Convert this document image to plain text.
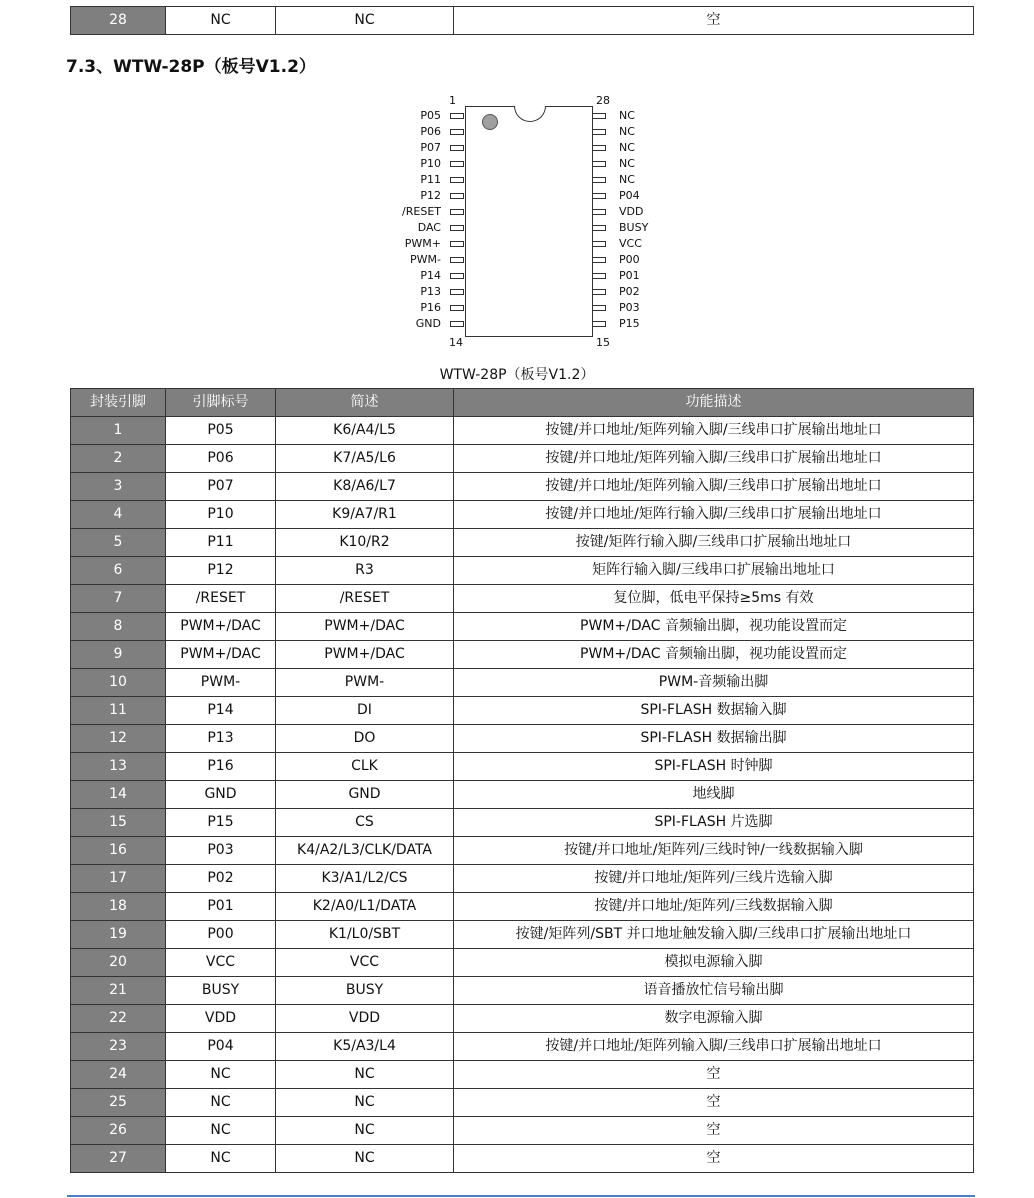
28	NC	NC	空
7.3、WTW-28P（板号V1.2）
1	28
14	15
P05
P06
P07
P10
P11
P12
/RESET
DAC
PWM+
PWM-
P14
P13
P16
GND
NC
NC
NC
NC
NC
P04
VDD
BUSY
VCC
P00
P01
P02
P03
P15
WTW-28P（板号V1.2）
封装引脚	引脚标号	简述	功能描述
1	P05	K6/A4/L5	按键/并口地址/矩阵列输入脚/三线串口扩展输出地址口
2	P06	K7/A5/L6	按键/并口地址/矩阵列输入脚/三线串口扩展输出地址口
3	P07	K8/A6/L7	按键/并口地址/矩阵列输入脚/三线串口扩展输出地址口
4	P10	K9/A7/R1	按键/并口地址/矩阵行输入脚/三线串口扩展输出地址口
5	P11	K10/R2	按键/矩阵行输入脚/三线串口扩展输出地址口
6	P12	R3	矩阵行输入脚/三线串口扩展输出地址口
7	/RESET	/RESET	复位脚，低电平保持≥5ms 有效
8	PWM+/DAC	PWM+/DAC	PWM+/DAC 音频输出脚，视功能设置而定
9	PWM+/DAC	PWM+/DAC	PWM+/DAC 音频输出脚，视功能设置而定
10	PWM-	PWM-	PWM-音频输出脚
11	P14	DI	SPI-FLASH 数据输入脚
12	P13	DO	SPI-FLASH 数据输出脚
13	P16	CLK	SPI-FLASH 时钟脚
14	GND	GND	地线脚
15	P15	CS	SPI-FLASH 片选脚
16	P03	K4/A2/L3/CLK/DATA	按键/并口地址/矩阵列/三线时钟/一线数据输入脚
17	P02	K3/A1/L2/CS	按键/并口地址/矩阵列/三线片选输入脚
18	P01	K2/A0/L1/DATA	按键/并口地址/矩阵列/三线数据输入脚
19	P00	K1/L0/SBT	按键/矩阵列/SBT 并口地址触发输入脚/三线串口扩展输出地址口
20	VCC	VCC	模拟电源输入脚
21	BUSY	BUSY	语音播放忙信号输出脚
22	VDD	VDD	数字电源输入脚
23	P04	K5/A3/L4	按键/并口地址/矩阵列输入脚/三线串口扩展输出地址口
24	NC	NC	空
25	NC	NC	空
26	NC	NC	空
27	NC	NC	空
